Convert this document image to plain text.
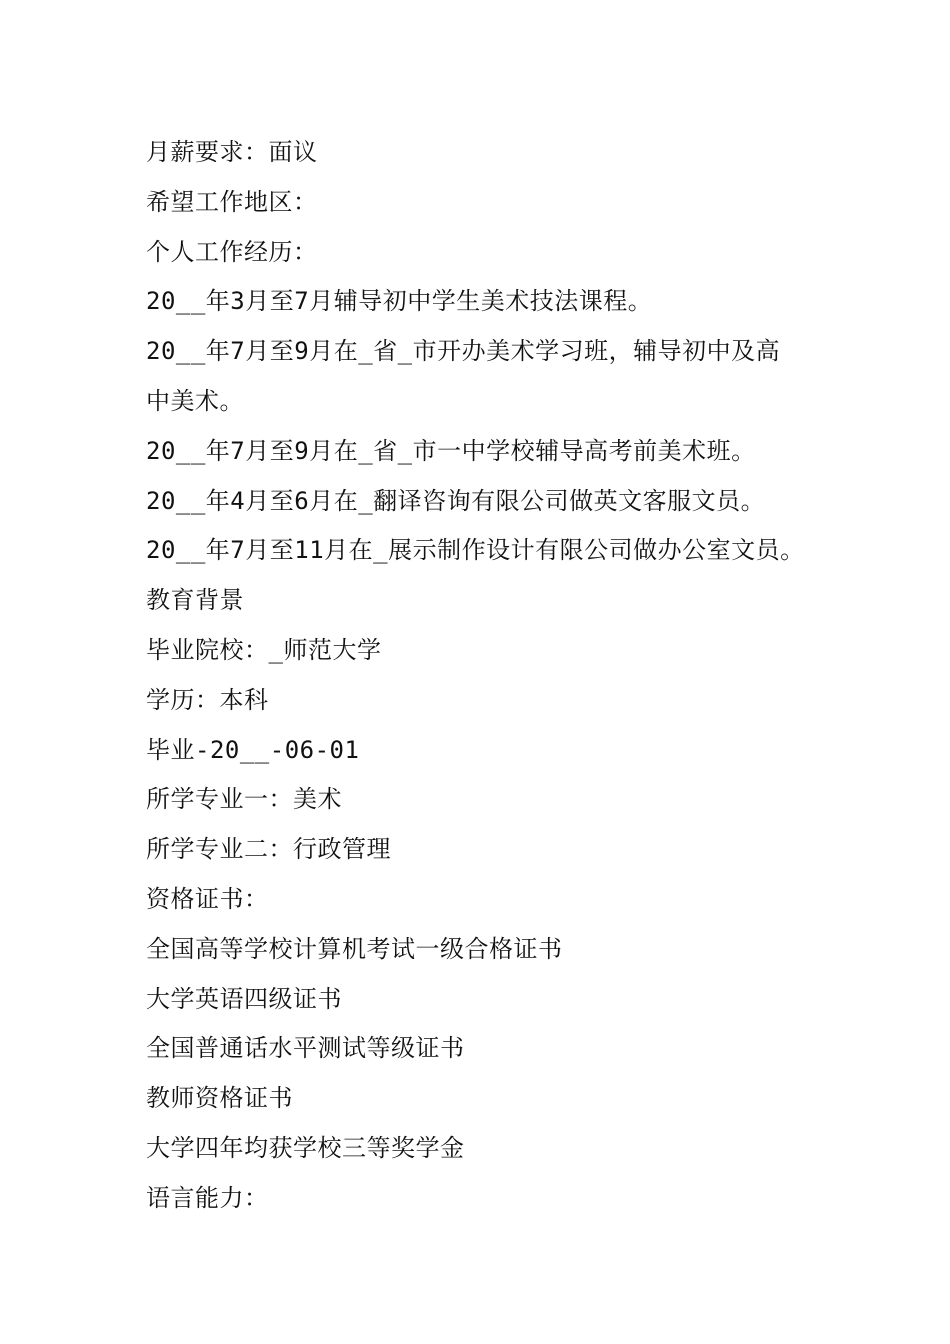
月薪要求：面议
希望工作地区：
个人工作经历：
20__年3月至7月辅导初中学生美术技法课程。
20__年7月至9月在_省_市开办美术学习班，辅导初中及高
中美术。
20__年7月至9月在_省_市一中学校辅导高考前美术班。
20__年4月至6月在_翻译咨询有限公司做英文客服文员。
20__年7月至11月在_展示制作设计有限公司做办公室文员。
教育背景
毕业院校：_师范大学
学历：本科
毕业-20__-06-01
所学专业一：美术
所学专业二：行政管理
资格证书：
全国高等学校计算机考试一级合格证书
大学英语四级证书
全国普通话水平测试等级证书
教师资格证书
大学四年均获学校三等奖学金
语言能力：
